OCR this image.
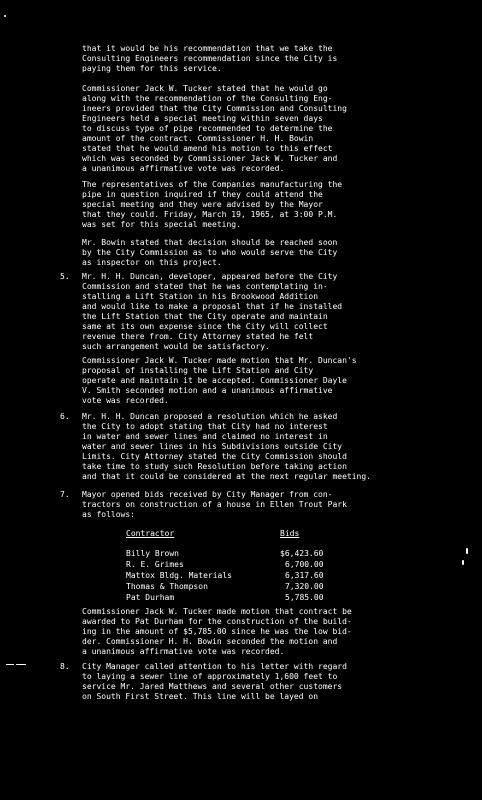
that it would be his recommendation that we take the
Consulting Engineers recommendation since the City is
paying them for this service.

Commissioner Jack W. Tucker stated that he would go
along with the recommendation of the Consulting Eng-
ineers provided that the City Commission and Consulting
Engineers held a special meeting within seven days
to discuss type of pipe recommended to determine the
amount of the contract. Commissioner H. H. Bowin
stated that he would amend his motion to this effect
which was seconded by Commissioner Jack W. Tucker and
a unanimous affirmative vote was recorded.

The representatives of the Companies manufacturing the
pipe in question inquired if they could attend the
special meeting and they were advised by the Mayor
that they could. Friday, March 19, 1965, at 3:00 P.M.
was set for this special meeting.

Mr. Bowin stated that decision should be reached soon
by the City Commission as to who would serve the City
as inspector on this project.

5.	Mr. H. H. Duncan, developer, appeared before the City
Commission and stated that he was contemplating in-
stalling a Lift Station in his Brookwood Addition
and would like to make a proposal that if he installed
the Lift Station that the City operate and maintain
same at its own expense since the City will collect
revenue there from. City Attorney stated he felt
such arrangement would be satisfactory.

Commissioner Jack W. Tucker made motion that Mr. Duncan's
proposal of installing the Lift Station and City
operate and maintain it be accepted. Commissioner Dayle
V. Smith seconded motion and a unanimous affirmative
vote was recorded.

6.	Mr. H. H. Duncan proposed a resolution which he asked
the City to adopt stating that City had no interest
in water and sewer lines and claimed no interest in
water and sewer lines in his Subdivisions outside City
Limits. City Attorney stated the City Commission should
take time to study such Resolution before taking action
and that it could be considered at the next regular meeting.

7.	Mayor opened bids received by City Manager from con-
tractors on construction of a house in Ellen Trout Park
as follows:

Contractor	Bids
Billy Brown	$6,423.60
R. E. Grimes	6,700.00
Mattox Bldg. Materials	6,317.60
Thomas & Thompson	7,320.00
Pat Durham	5,785.00

Commissioner Jack W. Tucker made motion that contract be
awarded to Pat Durham for the construction of the build-
ing in the amount of $5,785.00 since he was the low bid-
der. Commissioner H. H. Bowin seconded the motion and
a unanimous affirmative vote was recorded.

8.	City Manager called attention to his letter with regard
to laying a sewer line of approximately 1,600 feet to
service Mr. Jared Matthews and several other customers
on South First Street. This line will be layed on
